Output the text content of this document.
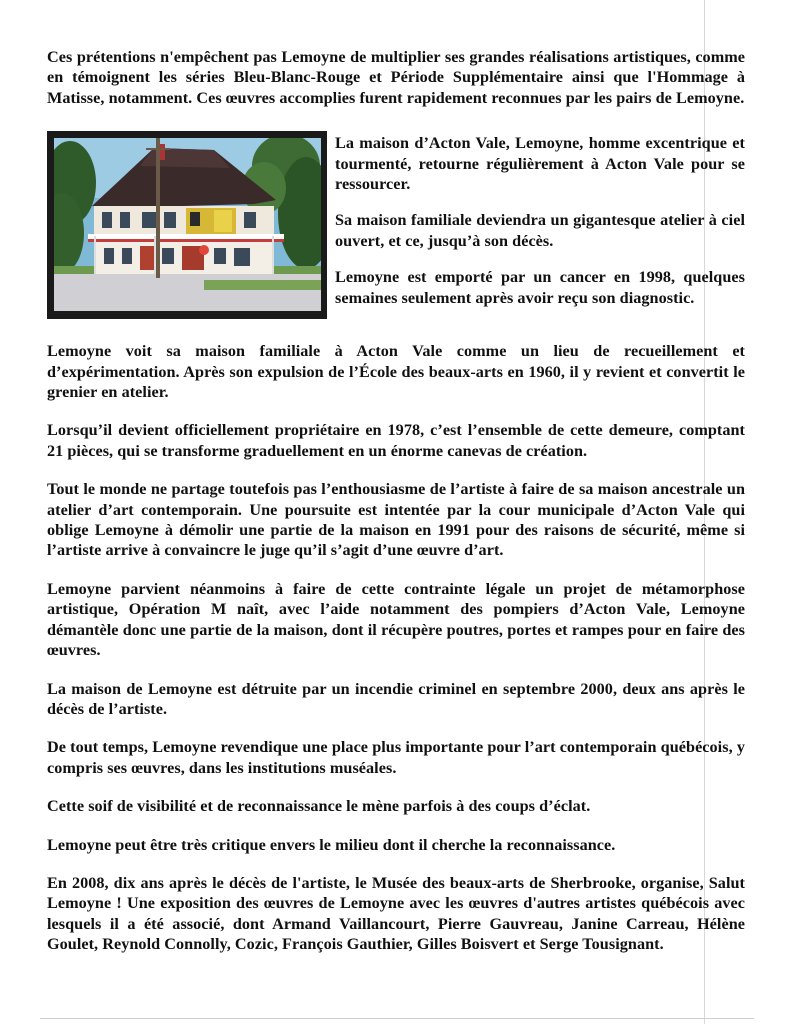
Ces prétentions n'empêchent pas Lemoyne de multiplier ses grandes réalisations artistiques, comme en témoignent les séries Bleu-Blanc-Rouge et Période Supplémentaire ainsi que l'Hommage à Matisse, notamment. Ces œuvres accomplies furent rapidement reconnues par les pairs de Lemoyne.

La maison d’Acton Vale, Lemoyne, homme excentrique et tourmenté, retourne régulièrement à Acton Vale pour se ressourcer.

Sa maison familiale deviendra un gigantesque atelier à ciel ouvert, et ce, jusqu’à son décès.

Lemoyne est emporté par un cancer en 1998, quelques semaines seulement après avoir reçu son diagnostic.

Lemoyne voit sa maison familiale à Acton Vale comme un lieu de recueillement et d’expérimentation. Après son expulsion de l’École des beaux-arts en 1960, il y revient et convertit le grenier en atelier.

Lorsqu’il devient officiellement propriétaire en 1978, c’est l’ensemble de cette demeure, comptant 21 pièces, qui se transforme graduellement en un énorme canevas de création.

Tout le monde ne partage toutefois pas l’enthousiasme de l’artiste à faire de sa maison ancestrale un atelier d’art contemporain. Une poursuite est intentée par la cour municipale d’Acton Vale qui oblige Lemoyne à démolir une partie de la maison en 1991 pour des raisons de sécurité, même si l’artiste arrive à convaincre le juge qu’il s’agit d’une œuvre d’art.

Lemoyne parvient néanmoins à faire de cette contrainte légale un projet de métamorphose artistique, Opération M naît, avec l’aide notamment des pompiers d’Acton Vale, Lemoyne démantèle donc une partie de la maison, dont il récupère poutres, portes et rampes pour en faire des œuvres.

La maison de Lemoyne est détruite par un incendie criminel en septembre 2000, deux ans après le décès de l’artiste.

De tout temps, Lemoyne revendique une place plus importante pour l’art contemporain québécois, y compris ses œuvres, dans les institutions muséales.

Cette soif de visibilité et de reconnaissance le mène parfois à des coups d’éclat.

Lemoyne peut être très critique envers le milieu dont il cherche la reconnaissance.

En 2008, dix ans après le décès de l'artiste, le Musée des beaux-arts de Sherbrooke, organise, Salut Lemoyne ! Une exposition des œuvres de Lemoyne avec les œuvres d'autres artistes québécois avec lesquels il a été associé, dont Armand Vaillancourt, Pierre Gauvreau, Janine Carreau, Hélène Goulet, Reynold Connolly, Cozic, François Gauthier, Gilles Boisvert et Serge Tousignant.
